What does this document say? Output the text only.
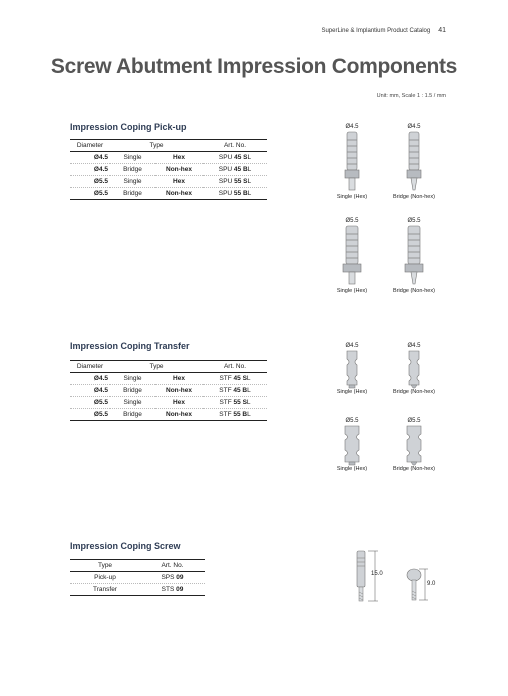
SuperLine & Implantium Product Catalog 41
Screw Abutment Impression Components
Unit: mm, Scale 1 : 1.5 / mm
Impression Coping Pick-up
Diameter	Type		Art. No.
Ø4.5	Single	Hex	SPU 45 SL
Ø4.5	Bridge	Non-hex	SPU 45 BL
Ø5.5	Single	Hex	SPU 55 SL
Ø5.5	Bridge	Non-hex	SPU 55 BL
Ø4.5
Single (Hex)
Ø4.5
Bridge (Non-hex)
Ø5.5
Single (Hex)
Ø5.5
Bridge (Non-hex)
Impression Coping Transfer
Diameter	Type		Art. No.
Ø4.5	Single	Hex	STF 45 SL
Ø4.5	Bridge	Non-hex	STF 45 BL
Ø5.5	Single	Hex	STF 55 SL
Ø5.5	Bridge	Non-hex	STF 55 BL
Ø4.5
Single (Hex)
Ø4.5
Bridge (Non-hex)
Ø5.5
Single (Hex)
Ø5.5
Bridge (Non-hex)
Impression Coping Screw
Type	Art. No.
Pick-up	SPS 09
Transfer	STS 09
15.0
9.0
